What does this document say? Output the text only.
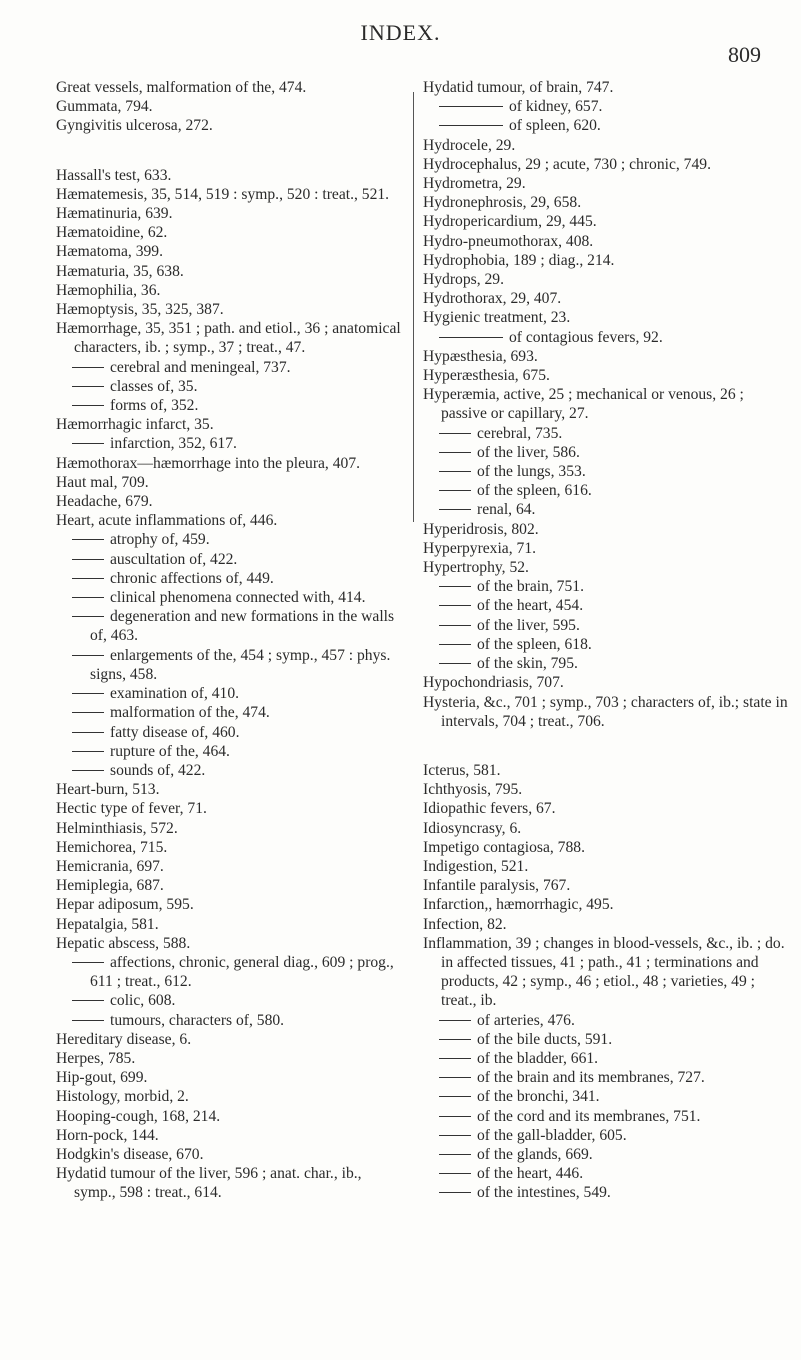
INDEX.
809
Great vessels, malformation of the, 474.
Gummata, 794.
Gyngivitis ulcerosa, 272.
Hassall's test, 633.
Hæmatemesis, 35, 514, 519 : symp., 520 : treat., 521.
Hæmatinuria, 639.
Hæmatoidine, 62.
Hæmatoma, 399.
Hæmaturia, 35, 638.
Hæmophilia, 36.
Hæmoptysis, 35, 325, 387.
Hæmorrhage, 35, 351 ; path. and etiol., 36 ; anatomical characters, ib. ; symp., 37 ; treat., 47.
cerebral and meningeal, 737.
classes of, 35.
forms of, 352.
Hæmorrhagic infarct, 35.
infarction, 352, 617.
Hæmothorax—hæmorrhage into the pleura, 407.
Haut mal, 709.
Headache, 679.
Heart, acute inflammations of, 446.
atrophy of, 459.
auscultation of, 422.
chronic affections of, 449.
clinical phenomena connected with, 414.
degeneration and new formations in the walls of, 463.
enlargements of the, 454 ; symp., 457 : phys. signs, 458.
examination of, 410.
malformation of the, 474.
fatty disease of, 460.
rupture of the, 464.
sounds of, 422.
Heart-burn, 513.
Hectic type of fever, 71.
Helminthiasis, 572.
Hemichorea, 715.
Hemicrania, 697.
Hemiplegia, 687.
Hepar adiposum, 595.
Hepatalgia, 581.
Hepatic abscess, 588.
affections, chronic, general diag., 609 ; prog., 611 ; treat., 612.
colic, 608.
tumours, characters of, 580.
Hereditary disease, 6.
Herpes, 785.
Hip-gout, 699.
Histology, morbid, 2.
Hooping-cough, 168, 214.
Horn-pock, 144.
Hodgkin's disease, 670.
Hydatid tumour of the liver, 596 ; anat. char., ib., symp., 598 : treat., 614.
Hydatid tumour, of brain, 747.
of kidney, 657.
of spleen, 620.
Hydrocele, 29.
Hydrocephalus, 29 ; acute, 730 ; chronic, 749.
Hydrometra, 29.
Hydronephrosis, 29, 658.
Hydropericardium, 29, 445.
Hydro-pneumothorax, 408.
Hydrophobia, 189 ; diag., 214.
Hydrops, 29.
Hydrothorax, 29, 407.
Hygienic treatment, 23.
of contagious fevers, 92.
Hypæsthesia, 693.
Hyperæsthesia, 675.
Hyperæmia, active, 25 ; mechanical or venous, 26 ; passive or capillary, 27.
cerebral, 735.
of the liver, 586.
of the lungs, 353.
of the spleen, 616.
renal, 64.
Hyperidrosis, 802.
Hyperpyrexia, 71.
Hypertrophy, 52.
of the brain, 751.
of the heart, 454.
of the liver, 595.
of the spleen, 618.
of the skin, 795.
Hypochondriasis, 707.
Hysteria, &c., 701 ; symp., 703 ; characters of, ib.; state in intervals, 704 ; treat., 706.
Icterus, 581.
Ichthyosis, 795.
Idiopathic fevers, 67.
Idiosyncrasy, 6.
Impetigo contagiosa, 788.
Indigestion, 521.
Infantile paralysis, 767.
Infarction,, hæmorrhagic, 495.
Infection, 82.
Inflammation, 39 ; changes in blood-vessels, &c., ib. ; do. in affected tissues, 41 ; path., 41 ; terminations and products, 42 ; symp., 46 ; etiol., 48 ; varieties, 49 ; treat., ib.
of arteries, 476.
of the bile ducts, 591.
of the bladder, 661.
of the brain and its membranes, 727.
of the bronchi, 341.
of the cord and its membranes, 751.
of the gall-bladder, 605.
of the glands, 669.
of the heart, 446.
of the intestines, 549.
